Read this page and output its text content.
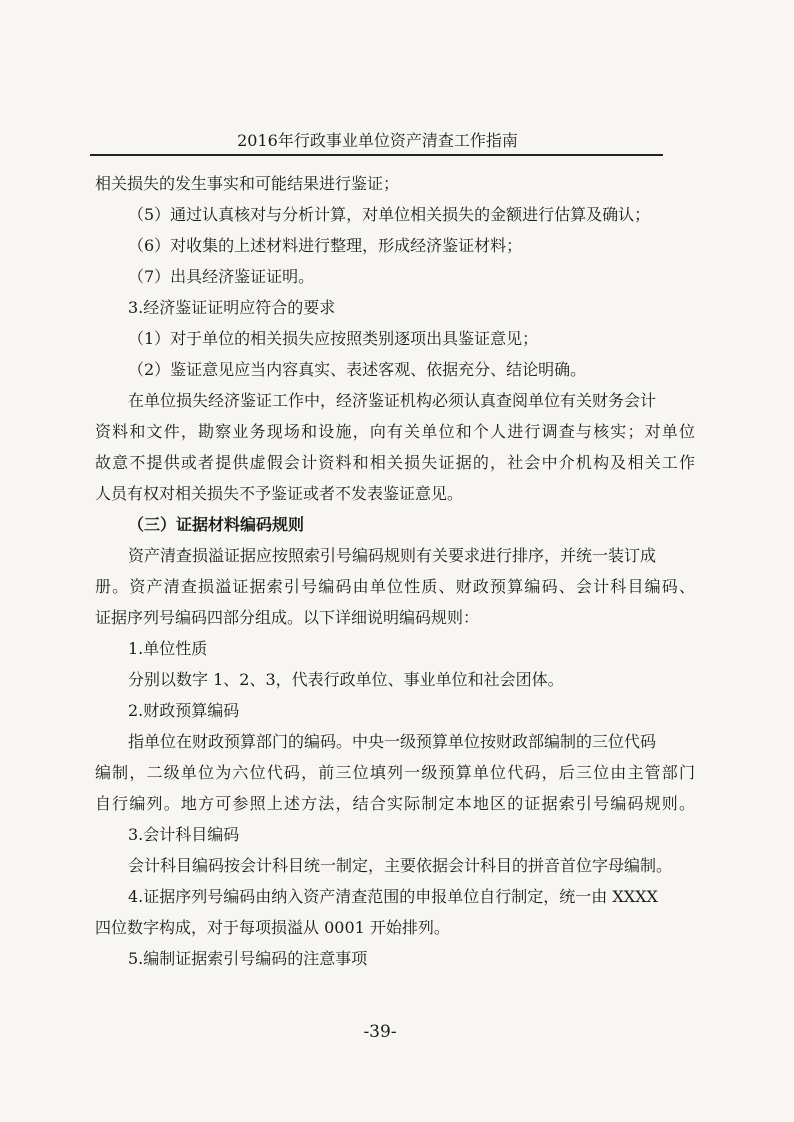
2016年行政事业单位资产清查工作指南
相关损失的发生事实和可能结果进行鉴证；
（5）通过认真核对与分析计算，对单位相关损失的金额进行估算及确认；
（6）对收集的上述材料进行整理，形成经济鉴证材料；
（7）出具经济鉴证证明。
3.经济鉴证证明应符合的要求
（1）对于单位的相关损失应按照类别逐项出具鉴证意见；
（2）鉴证意见应当内容真实、表述客观、依据充分、结论明确。
在单位损失经济鉴证工作中，经济鉴证机构必须认真查阅单位有关财务会计
资料和文件，勘察业务现场和设施，向有关单位和个人进行调查与核实；对单位
故意不提供或者提供虚假会计资料和相关损失证据的，社会中介机构及相关工作
人员有权对相关损失不予鉴证或者不发表鉴证意见。
（三）证据材料编码规则
资产清查损溢证据应按照索引号编码规则有关要求进行排序，并统一装订成
册。资产清查损溢证据索引号编码由单位性质、财政预算编码、会计科目编码、
证据序列号编码四部分组成。以下详细说明编码规则：
1.单位性质
分别以数字 1、2、3，代表行政单位、事业单位和社会团体。
2.财政预算编码
指单位在财政预算部门的编码。中央一级预算单位按财政部编制的三位代码
编制，二级单位为六位代码，前三位填列一级预算单位代码，后三位由主管部门
自行编列。地方可参照上述方法，结合实际制定本地区的证据索引号编码规则。
3.会计科目编码
会计科目编码按会计科目统一制定，主要依据会计科目的拼音首位字母编制。
4.证据序列号编码由纳入资产清查范围的申报单位自行制定，统一由 XXXX
四位数字构成，对于每项损溢从 0001 开始排列。
5.编制证据索引号编码的注意事项
-39-
